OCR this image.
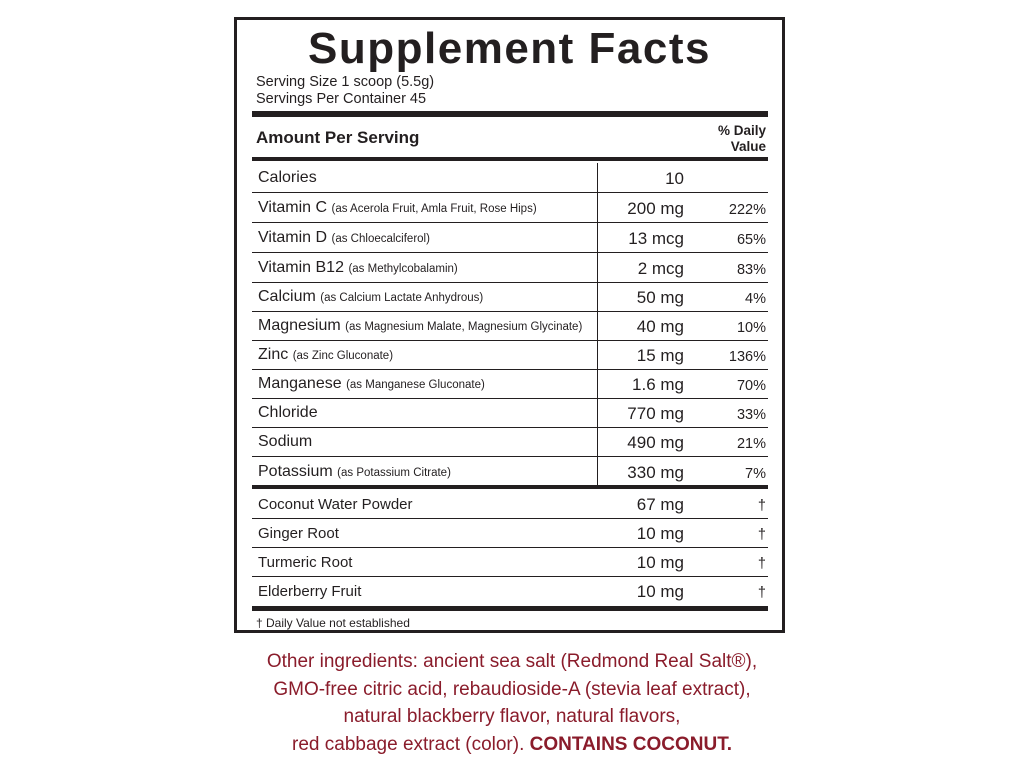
Supplement Facts
Serving Size 1 scoop (5.5g)
Servings Per Container 45
Amount Per Serving	% Daily
Value
Calories	10
Vitamin C (as Acerola Fruit, Amla Fruit, Rose Hips)	200 mg	222%
Vitamin D (as Chloecalciferol)	13 mcg	65%
Vitamin B12 (as Methylcobalamin)	2 mcg	83%
Calcium (as Calcium Lactate Anhydrous)	50 mg	4%
Magnesium (as Magnesium Malate, Magnesium Glycinate)	40 mg	10%
Zinc (as Zinc Gluconate)	15 mg	136%
Manganese (as Manganese Gluconate)	1.6 mg	70%
Chloride	770 mg	33%
Sodium	490 mg	21%
Potassium (as Potassium Citrate)	330 mg	7%
Coconut Water Powder	67 mg	†
Ginger Root	10 mg	†
Turmeric Root	10 mg	†
Elderberry Fruit	10 mg	†
† Daily Value not established
Other ingredients: ancient sea salt (Redmond Real Salt®),
GMO-free citric acid, rebaudioside-A (stevia leaf extract),
natural blackberry flavor, natural flavors,
red cabbage extract (color). CONTAINS COCONUT.
